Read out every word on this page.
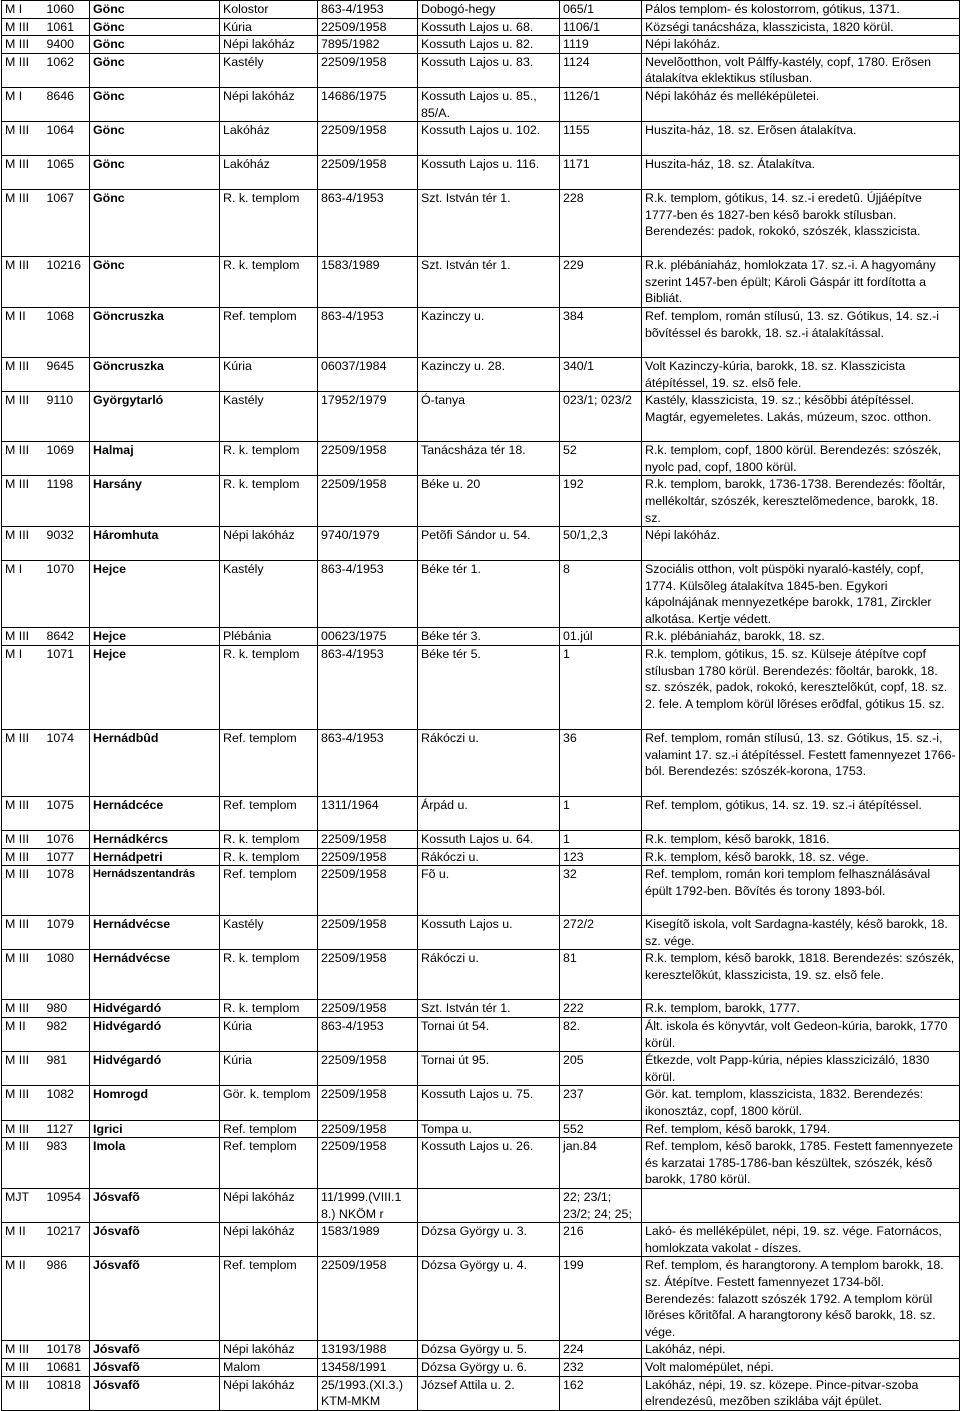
M I	1060	Gönc	Kolostor	863-4/1953	Dobogó-hegy	065/1	Pálos templom- és kolostorrom, gótikus, 1371.
M III	1061	Gönc	Kúria	22509/1958	Kossuth Lajos u. 68.	1106/1	Községi tanácsháza, klasszicista, 1820 körül.
M III	9400	Gönc	Népi lakóház	7895/1982	Kossuth Lajos u. 82.	1119	Népi lakóház.
M III	1062	Gönc	Kastély	22509/1958	Kossuth Lajos u. 83.	1124	Nevelõotthon, volt Pálffy-kastély, copf, 1780. Erõsen átalakítva eklektikus stílusban.
M I	8646	Gönc	Népi lakóház	14686/1975	Kossuth Lajos u. 85., 85/A.	1126/1	Népi lakóház és melléképületei.
M III	1064	Gönc	Lakóház	22509/1958	Kossuth Lajos u. 102.	1155	Huszita-ház, 18. sz. Erõsen átalakítva.
M III	1065	Gönc	Lakóház	22509/1958	Kossuth Lajos u. 116.	1171	Huszita-ház, 18. sz. Átalakítva.
M III	1067	Gönc	R. k. templom	863-4/1953	Szt. István tér 1.	228	R.k. templom, gótikus, 14. sz.-i eredetû. Újjáépítve 1777-ben és 1827-ben késõ barokk stílusban. Berendezés: padok, rokokó, szószék, klasszicista.
M III	10216	Gönc	R. k. templom	1583/1989	Szt. István tér 1.	229	R.k. plébániaház, homlokzata 17. sz.-i. A hagyomány szerint 1457-ben épült; Károli Gáspár itt fordította a Bibliát.
M II	1068	Göncruszka	Ref. templom	863-4/1953	Kazinczy u.	384	Ref. templom, román stílusú, 13. sz. Gótikus, 14. sz.-i bõvítéssel és barokk, 18. sz.-i átalakítással.
M III	9645	Göncruszka	Kúria	06037/1984	Kazinczy u. 28.	340/1	Volt Kazinczy-kúria, barokk, 18. sz. Klasszicista átépítéssel, 19. sz. elsõ fele.
M III	9110	Györgytarló	Kastély	17952/1979	Ó-tanya	023/1; 023/2	Kastély, klasszicista, 19. sz.; késõbbi átépítéssel. Magtár, egyemeletes. Lakás, múzeum, szoc. otthon.
M III	1069	Halmaj	R. k. templom	22509/1958	Tanácsháza tér 18.	52	R.k. templom, copf, 1800 körül. Berendezés: szószék, nyolc pad, copf, 1800 körül.
M III	1198	Harsány	R. k. templom	22509/1958	Béke u. 20	192	R.k. templom, barokk, 1736-1738. Berendezés: fõoltár, mellékoltár, szószék, keresztelõmedence, barokk, 18. sz.
M III	9032	Háromhuta	Népi lakóház	9740/1979	Petõfi Sándor u. 54.	50/1,2,3	Népi lakóház.
M I	1070	Hejce	Kastély	863-4/1953	Béke tér 1.	8	Szociális otthon, volt püspöki nyaraló-kastély, copf, 1774. Külsõleg átalakítva 1845-ben. Egykori kápolnájának mennyezetképe barokk, 1781, Zirckler alkotása. Kertje védett.
M III	8642	Hejce	Plébánia	00623/1975	Béke tér 3.	01.júl	R.k. plébániaház, barokk, 18. sz.
M I	1071	Hejce	R. k. templom	863-4/1953	Béke tér 5.	1	R.k. templom, gótikus, 15. sz. Külseje átépítve copf stílusban 1780 körül. Berendezés: fõoltár, barokk, 18. sz. szószék, padok, rokokó, keresztelõkút, copf, 18. sz. 2. fele. A templom körül lõréses erõdfal, gótikus 15. sz.
M III	1074	Hernádbûd	Ref. templom	863-4/1953	Rákóczi u.	36	Ref. templom, román stílusú, 13. sz. Gótikus, 15. sz.-i, valamint 17. sz.-i átépítéssel. Festett famennyezet 1766-ból. Berendezés: szószék-korona, 1753.
M III	1075	Hernádcéce	Ref. templom	1311/1964	Árpád u.	1	Ref. templom, gótikus, 14. sz. 19. sz.-i átépítéssel.
M III	1076	Hernádkércs	R. k. templom	22509/1958	Kossuth Lajos u. 64.	1	R.k. templom, késõ barokk, 1816.
M III	1077	Hernádpetri	R. k. templom	22509/1958	Rákóczi u.	123	R.k. templom, késõ barokk, 18. sz. vége.
M III	1078	Hernádszentandrás	Ref. templom	22509/1958	Fõ u.	32	Ref. templom, román kori templom felhasználásával épült 1792-ben. Bõvítés és torony 1893-ból.
M III	1079	Hernádvécse	Kastély	22509/1958	Kossuth Lajos u.	272/2	Kisegítõ iskola, volt Sardagna-kastély, késõ barokk, 18. sz. vége.
M III	1080	Hernádvécse	R. k. templom	22509/1958	Rákóczi u.	81	R.k. templom, késõ barokk, 1818. Berendezés: szószék, keresztelõkút, klasszicista, 19. sz. elsõ fele.
M III	980	Hidvégardó	R. k. templom	22509/1958	Szt. István tér 1.	222	R.k. templom, barokk, 1777.
M II	982	Hidvégardó	Kúria	863-4/1953	Tornai út 54.	82.	Ált. iskola és könyvtár, volt Gedeon-kúria, barokk, 1770 körül.
M III	981	Hidvégardó	Kúria	22509/1958	Tornai út 95.	205	Étkezde, volt Papp-kúria, népies klasszicizáló, 1830 körül.
M III	1082	Homrogd	Gör. k. templom	22509/1958	Kossuth Lajos u. 75.	237	Gör. kat. templom, klasszicista, 1832. Berendezés: ikonosztáz, copf, 1800 körül.
M III	1127	Igrici	Ref. templom	22509/1958	Tompa u.	552	Ref. templom, késõ barokk, 1794.
M III	983	Imola	Ref. templom	22509/1958	Kossuth Lajos u. 26.	jan.84	Ref. templom, késõ barokk, 1785. Festett famennyezete és karzatai 1785-1786-ban készültek, szószék, késõ barokk, 1780 körül.
MJT	10954	Jósvafõ	Népi lakóház	11/1999.(VIII.1 8.) NKÖM r		22; 23/1; 23/2; 24; 25;	
M II	10217	Jósvafõ	Népi lakóház	1583/1989	Dózsa György u. 3.	216	Lakó- és melléképület, népi, 19. sz. vége. Fatornácos, homlokzata vakolat - díszes.
M II	986	Jósvafõ	Ref. templom	22509/1958	Dózsa György u. 4.	199	Ref. templom, és harangtorony. A templom barokk, 18. sz. Átépítve. Festett famennyezet 1734-bõl. Berendezés: falazott szószék 1792. A templom körül lõréses kõritõfal. A harangtorony késõ barokk, 18. sz. vége.
M III	10178	Jósvafõ	Népi lakóház	13193/1988	Dózsa György u. 5.	224	Lakóház, népi.
M III	10681	Jósvafõ	Malom	13458/1991	Dózsa György u. 6.	232	Volt malomépület, népi.
M III	10818	Jósvafõ	Népi lakóház	25/1993.(XI.3.) KTM-MKM	József Attila u. 2.	162	Lakóház, népi, 19. sz. közepe. Pince-pitvar-szoba elrendezésû, mezõben sziklába vájt épület.
